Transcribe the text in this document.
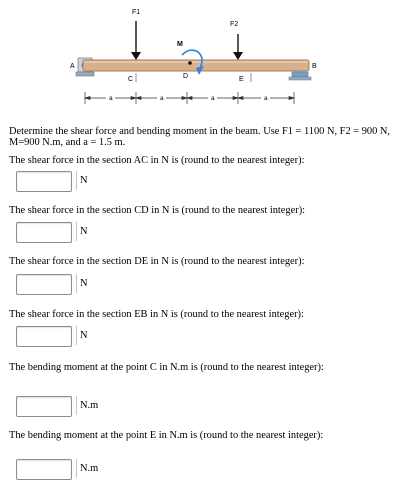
F1
F2
M
A	B
C	D	E
a	a	a	a
Determine the shear force and bending moment in the beam. Use F1 = 1100 N, F2 = 900 N, M=900 N.m, and a = 1.5 m.
The shear force in the section AC in N is (round to the nearest integer):
N
The shear force in the section CD in N is (round to the nearest integer):
N
The shear force in the section DE in N is (round to the nearest integer):
N
The shear force in the section EB in N is (round to the nearest integer):
N
The bending moment at the point C in N.m is (round to the nearest integer):
N.m
The bending moment at the point E in N.m is (round to the nearest integer):
N.m
